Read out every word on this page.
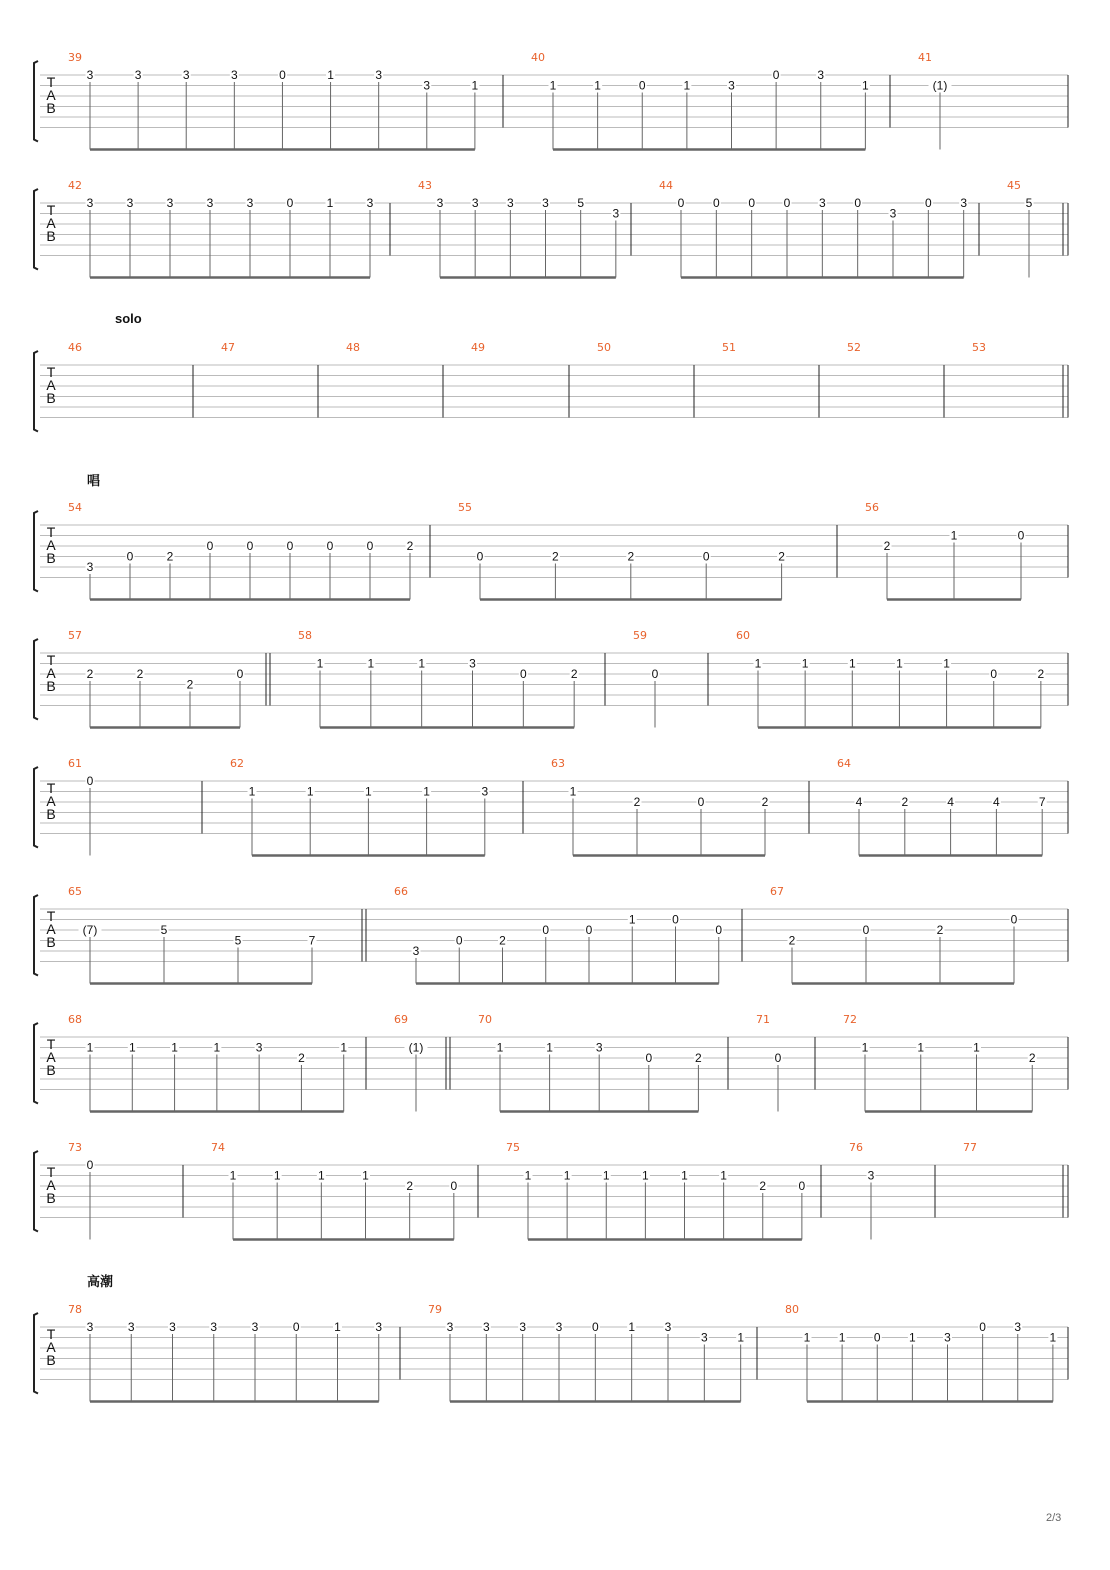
T
A
B
39
3	3	3	3	0	1	3
3	1
40
1	1	0	1	3
0	3
1
41
(1)
T
A
B
42
3	3	3	3	3	0	1	3
43
3 3 3 3 5
3
44
0 0 0 0 3 0
3
0 3
45
5
solo
T
A
B
46	47	48	49	50	51	52	53
唱
T
A
B
54
3
0	2
0	0	0	0	0	2
55
0	2	2	0	2
56
2
1	0
T
A
B
57
2	2
2
0
58
1	1	1	3
0	2
59
0
60
1	1	1	1	1
0	2
T
A
B
61
0
62
1	1	1	1	3
63
1
2	0	2
64
4	2	4	4	7
T
A
B
65
(7)	5
5	7
66
3
0	2
0	0
1	0
0
67
2
0	2
0
T
A
B
68
1	1	1	1	3
2
1
69
(1)
70
1	1	3
0	2
71
0
72
1	1	1
2
T
A
B
73
0
74
1	1	1	1
2	0
75
1	1	1	1	1	1
2	0
76
3
77
高潮
T
A
B
78
3	3	3	3	3	0	1	3
79
3 3 3 3 0 1 3
3 1
80
1 1 0 1 3
0 3
1
2/3
